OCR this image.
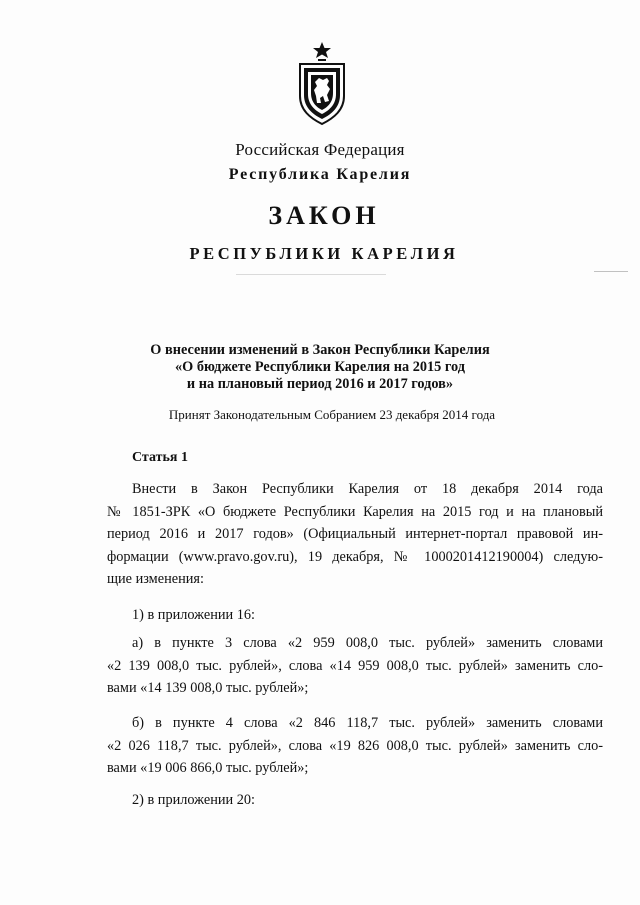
Российская Федерация
Республика Карелия
ЗАКОН
РЕСПУБЛИКИ КАРЕЛИЯ
О внесении изменений в Закон Республики Карелия
«О бюджете Республики Карелия на 2015 год
и на плановый период 2016 и 2017 годов»
Принят Законодательным Собранием 23 декабря 2014 года
Статья 1
Внести в Закон Республики Карелия от 18 декабря 2014 года
№ 1851-ЗРК «О бюджете Республики Карелия на 2015 год и на плановый
период 2016 и 2017 годов» (Официальный интернет-портал правовой ин-
формации (www.pravo.gov.ru), 19 декабря, № 1000201412190004) следую-
щие изменения:
1) в приложении 16:
а) в пункте 3 слова «2 959 008,0 тыс. рублей» заменить словами
«2 139 008,0 тыс. рублей», слова «14 959 008,0 тыс. рублей» заменить сло-
вами «14 139 008,0 тыс. рублей»;
б) в пункте 4 слова «2 846 118,7 тыс. рублей» заменить словами
«2 026 118,7 тыс. рублей», слова «19 826 008,0 тыс. рублей» заменить сло-
вами «19 006 866,0 тыс. рублей»;
2) в приложении 20:
